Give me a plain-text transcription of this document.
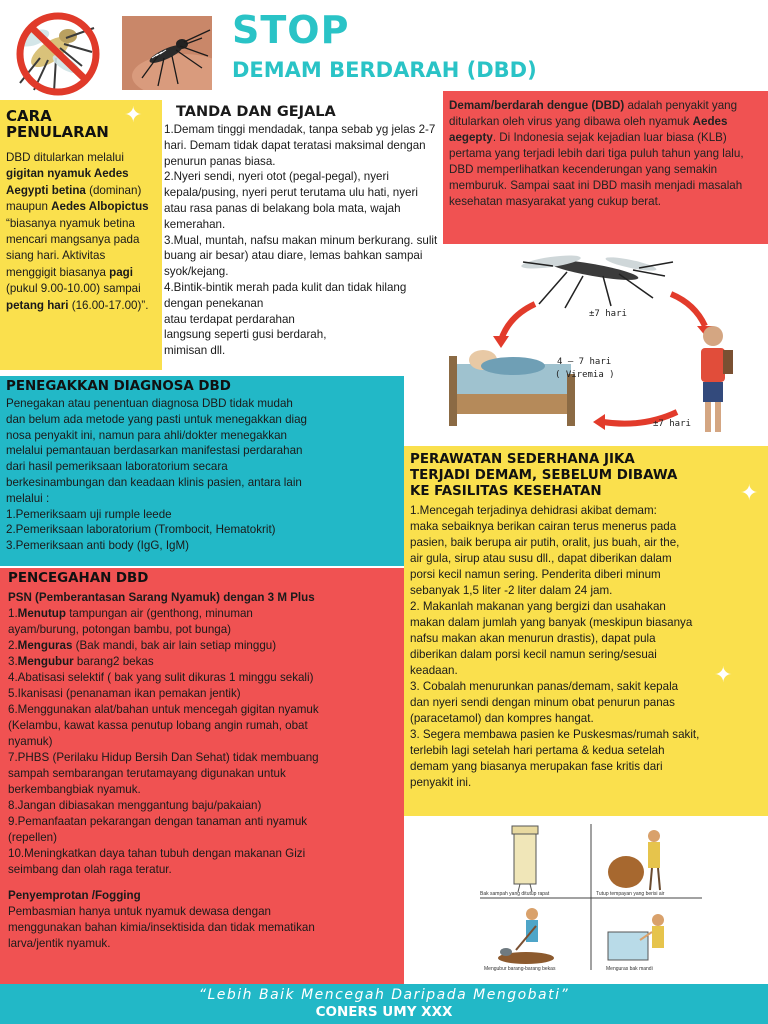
STOP
DEMAM BERDARAH (DBD)
CARA
PENULARAN
✦

DBD ditularkan melalui gigitan nyamuk Aedes Aegypti betina (dominan) maupun Aedes Albopictus “biasanya nyamuk betina mencari mangsanya pada siang hari. Aktivitas menggigit biasanya pagi (pukul 9.00-10.00) sampai petang hari (16.00-17.00)”.

TANDA DAN GEJALA

1.Demam tinggi mendadak, tanpa sebab yg jelas 2-7 hari. Demam tidak dapat teratasi maksimal dengan penurun panas biasa.
2.Nyeri sendi, nyeri otot (pegal-pegal), nyeri kepala/pusing, nyeri perut terutama ulu hati, nyeri atau rasa panas di belakang bola mata, wajah kemerahan.
3.Mual, muntah, nafsu makan minum berkurang. sulit buang air besar) atau diare, lemas bahkan sampai syok/kejang.
4.Bintik-bintik merah pada kulit dan tidak hilang dengan penekanan
atau terdapat perdarahan
langsung seperti gusi berdarah,
mimisan dll.

Demam/berdarah dengue (DBD) adalah penyakit yang ditularkan oleh virus yang dibawa oleh nyamuk Aedes aegepty. Di Indonesia sejak kejadian luar biasa (KLB) pertama yang terjadi lebih dari tiga puluh tahun yang lalu, DBD memperlihatkan kecenderungan yang semakin memburuk. Sampai saat ini DBD masih menjadi masalah kesehatan masyarakat yang cukup berat.

±7 hari
4 – 7 hari
( Viremia )
±7 hari
PENEGAKKAN DIAGNOSA DBD

Penegakan atau penentuan diagnosa DBD tidak mudah
dan belum ada metode yang pasti untuk menegakkan diag
nosa penyakit ini, namun para ahli/dokter menegakkan
melalui pemantauan berdasarkan manifestasi perdarahan
dari hasil pemeriksaan laboratorium secara
berkesinambungan dan keadaan klinis pasien, antara lain
melalui :
1.Pemeriksaam uji rumple leede
2.Pemeriksaan laboratorium (Trombocit, Hematokrit)
3.Pemeriksaan anti body (IgG, IgM)

PERAWATAN SEDERHANA JIKA
TERJADI DEMAM, SEBELUM DIBAWA
KE FASILITAS KESEHATAN	✦
✦

1.Mencegah terjadinya dehidrasi akibat demam:
maka sebaiknya berikan cairan terus menerus pada
pasien, baik berupa air putih, oralit, jus buah, air the,
air gula, sirup atau susu dll., dapat diberikan dalam
porsi kecil namun sering. Penderita diberi minum
sebanyak 1,5 liter -2 liter dalam 24 jam.
2. Makanlah makanan yang bergizi dan usahakan
makan dalam jumlah yang banyak (meskipun biasanya
nafsu makan akan menurun drastis), dapat pula
diberikan dalam porsi kecil namun sering/sesuai
keadaan.
3. Cobalah menurunkan panas/demam, sakit kepala
dan nyeri sendi dengan minum obat penurun panas
(paracetamol) dan kompres hangat.
3. Segera membawa pasien ke Puskesmas/rumah sakit,
terlebih lagi setelah hari pertama & kedua setelah
demam yang biasanya merupakan fase kritis dari
penyakit ini.

PENCEGAHAN DBD
PSN (Pemberantasan Sarang Nyamuk) dengan 3 M Plus
1.Menutup tampungan air (genthong, minuman
ayam/burung, potongan bambu, pot bunga)
2.Menguras (Bak mandi, bak air lain setiap minggu)
3.Mengubur barang2 bekas
4.Abatisasi selektif ( bak yang sulit dikuras 1 minggu sekali)
5.Ikanisasi (penanaman ikan pemakan jentik)
6.Menggunakan alat/bahan untuk mencegah gigitan nyamuk
(Kelambu, kawat kassa penutup lobang angin rumah, obat
nyamuk)
7.PHBS (Perilaku Hidup Bersih Dan Sehat) tidak membuang
sampah sembarangan terutamayang digunakan untuk
berkembangbiak nyamuk.
8.Jangan dibiasakan menggantung baju/pakaian)
9.Pemanfaatan pekarangan dengan tanaman anti nyamuk
(repellen)
10.Meningkatkan daya tahan tubuh dengan makanan Gizi
seimbang dan olah raga teratur.
Penyemprotan /Fogging
Pembasmian hanya untuk nyamuk dewasa dengan
menggunakan bahan kimia/insektisida dan tidak mematikan
larva/jentik nyamuk.
Bak sampah yang ditutup rapat	Tutup tempayan yang berisi air
Mengubur barang-barang bekas	Menguras bak mandi
“Lebih Baik Mencegah Daripada Mengobati”
CONERS UMY XXX
